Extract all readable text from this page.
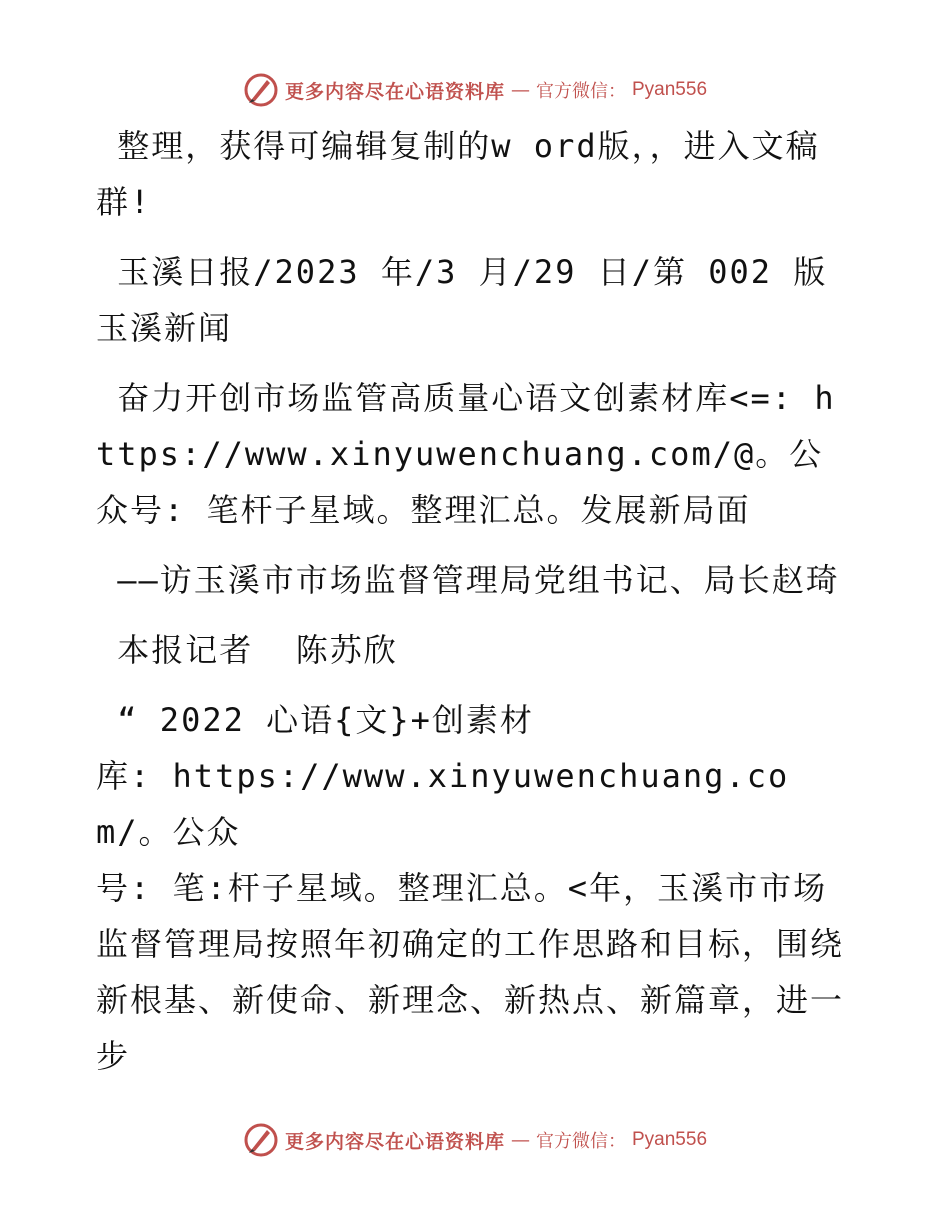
更多内容尽在心语资料库 — 官方微信： Pyan556

整理，获得可编辑复制的w ord版，，进入文稿群!

玉溪日报/2023 年/3 月/29 日/第 002 版玉溪新闻

奋力开创市场监管高质量心语文创素材库<=: https://www.xinyuwenchuang.com/@。公众号: 笔杆子星域。整理汇总。发展新局面

——访玉溪市市场监督管理局党组书记、局长赵琦

本报记者  陈苏欣

“ 2022 心语{文}+创素材

库: https://www.xinyuwenchuang.com/。公众

号: 笔:杆子星域。整理汇总。<年，玉溪市市场监督管理局按照年初确定的工作思路和目标，围绕新根基、新使命、新理念、新热点、新篇章，进一步

更多内容尽在心语资料库 — 官方微信： Pyan556
